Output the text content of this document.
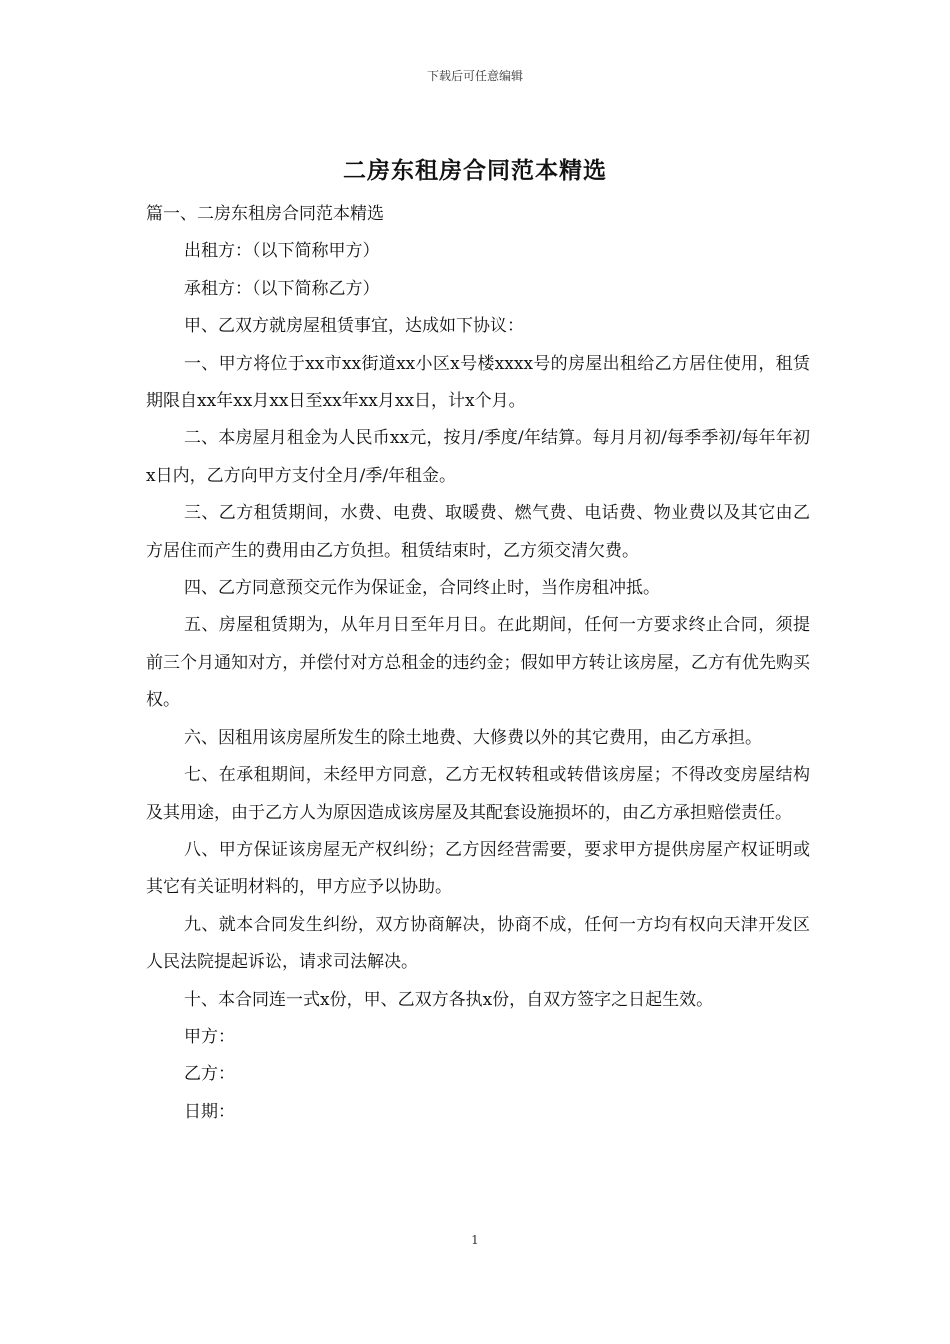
下载后可任意编辑
二房东租房合同范本精选

篇一、二房东租房合同范本精选

出租方：（以下简称甲方）

承租方：（以下简称乙方）

甲、乙双方就房屋租赁事宜，达成如下协议：

一、甲方将位于xx市xx街道xx小区x号楼xxxx号的房屋出租给乙方居住使用，租赁期限自xx年xx月xx日至xx年xx月xx日，计x个月。

二、本房屋月租金为人民币xx元，按月/季度/年结算。每月月初/每季季初/每年年初x日内，乙方向甲方支付全月/季/年租金。

三、乙方租赁期间，水费、电费、取暖费、燃气费、电话费、物业费以及其它由乙方居住而产生的费用由乙方负担。租赁结束时，乙方须交清欠费。

四、乙方同意预交元作为保证金，合同终止时，当作房租冲抵。

五、房屋租赁期为，从年月日至年月日。在此期间，任何一方要求终止合同，须提前三个月通知对方，并偿付对方总租金的违约金；假如甲方转让该房屋，乙方有优先购买权。

六、因租用该房屋所发生的除土地费、大修费以外的其它费用，由乙方承担。

七、在承租期间，未经甲方同意，乙方无权转租或转借该房屋；不得改变房屋结构及其用途，由于乙方人为原因造成该房屋及其配套设施损坏的，由乙方承担赔偿责任。

八、甲方保证该房屋无产权纠纷；乙方因经营需要，要求甲方提供房屋产权证明或其它有关证明材料的，甲方应予以协助。

九、就本合同发生纠纷，双方协商解决，协商不成，任何一方均有权向天津开发区人民法院提起诉讼，请求司法解决。

十、本合同连一式x份，甲、乙双方各执x份，自双方签字之日起生效。

甲方：

乙方：

日期：

1
